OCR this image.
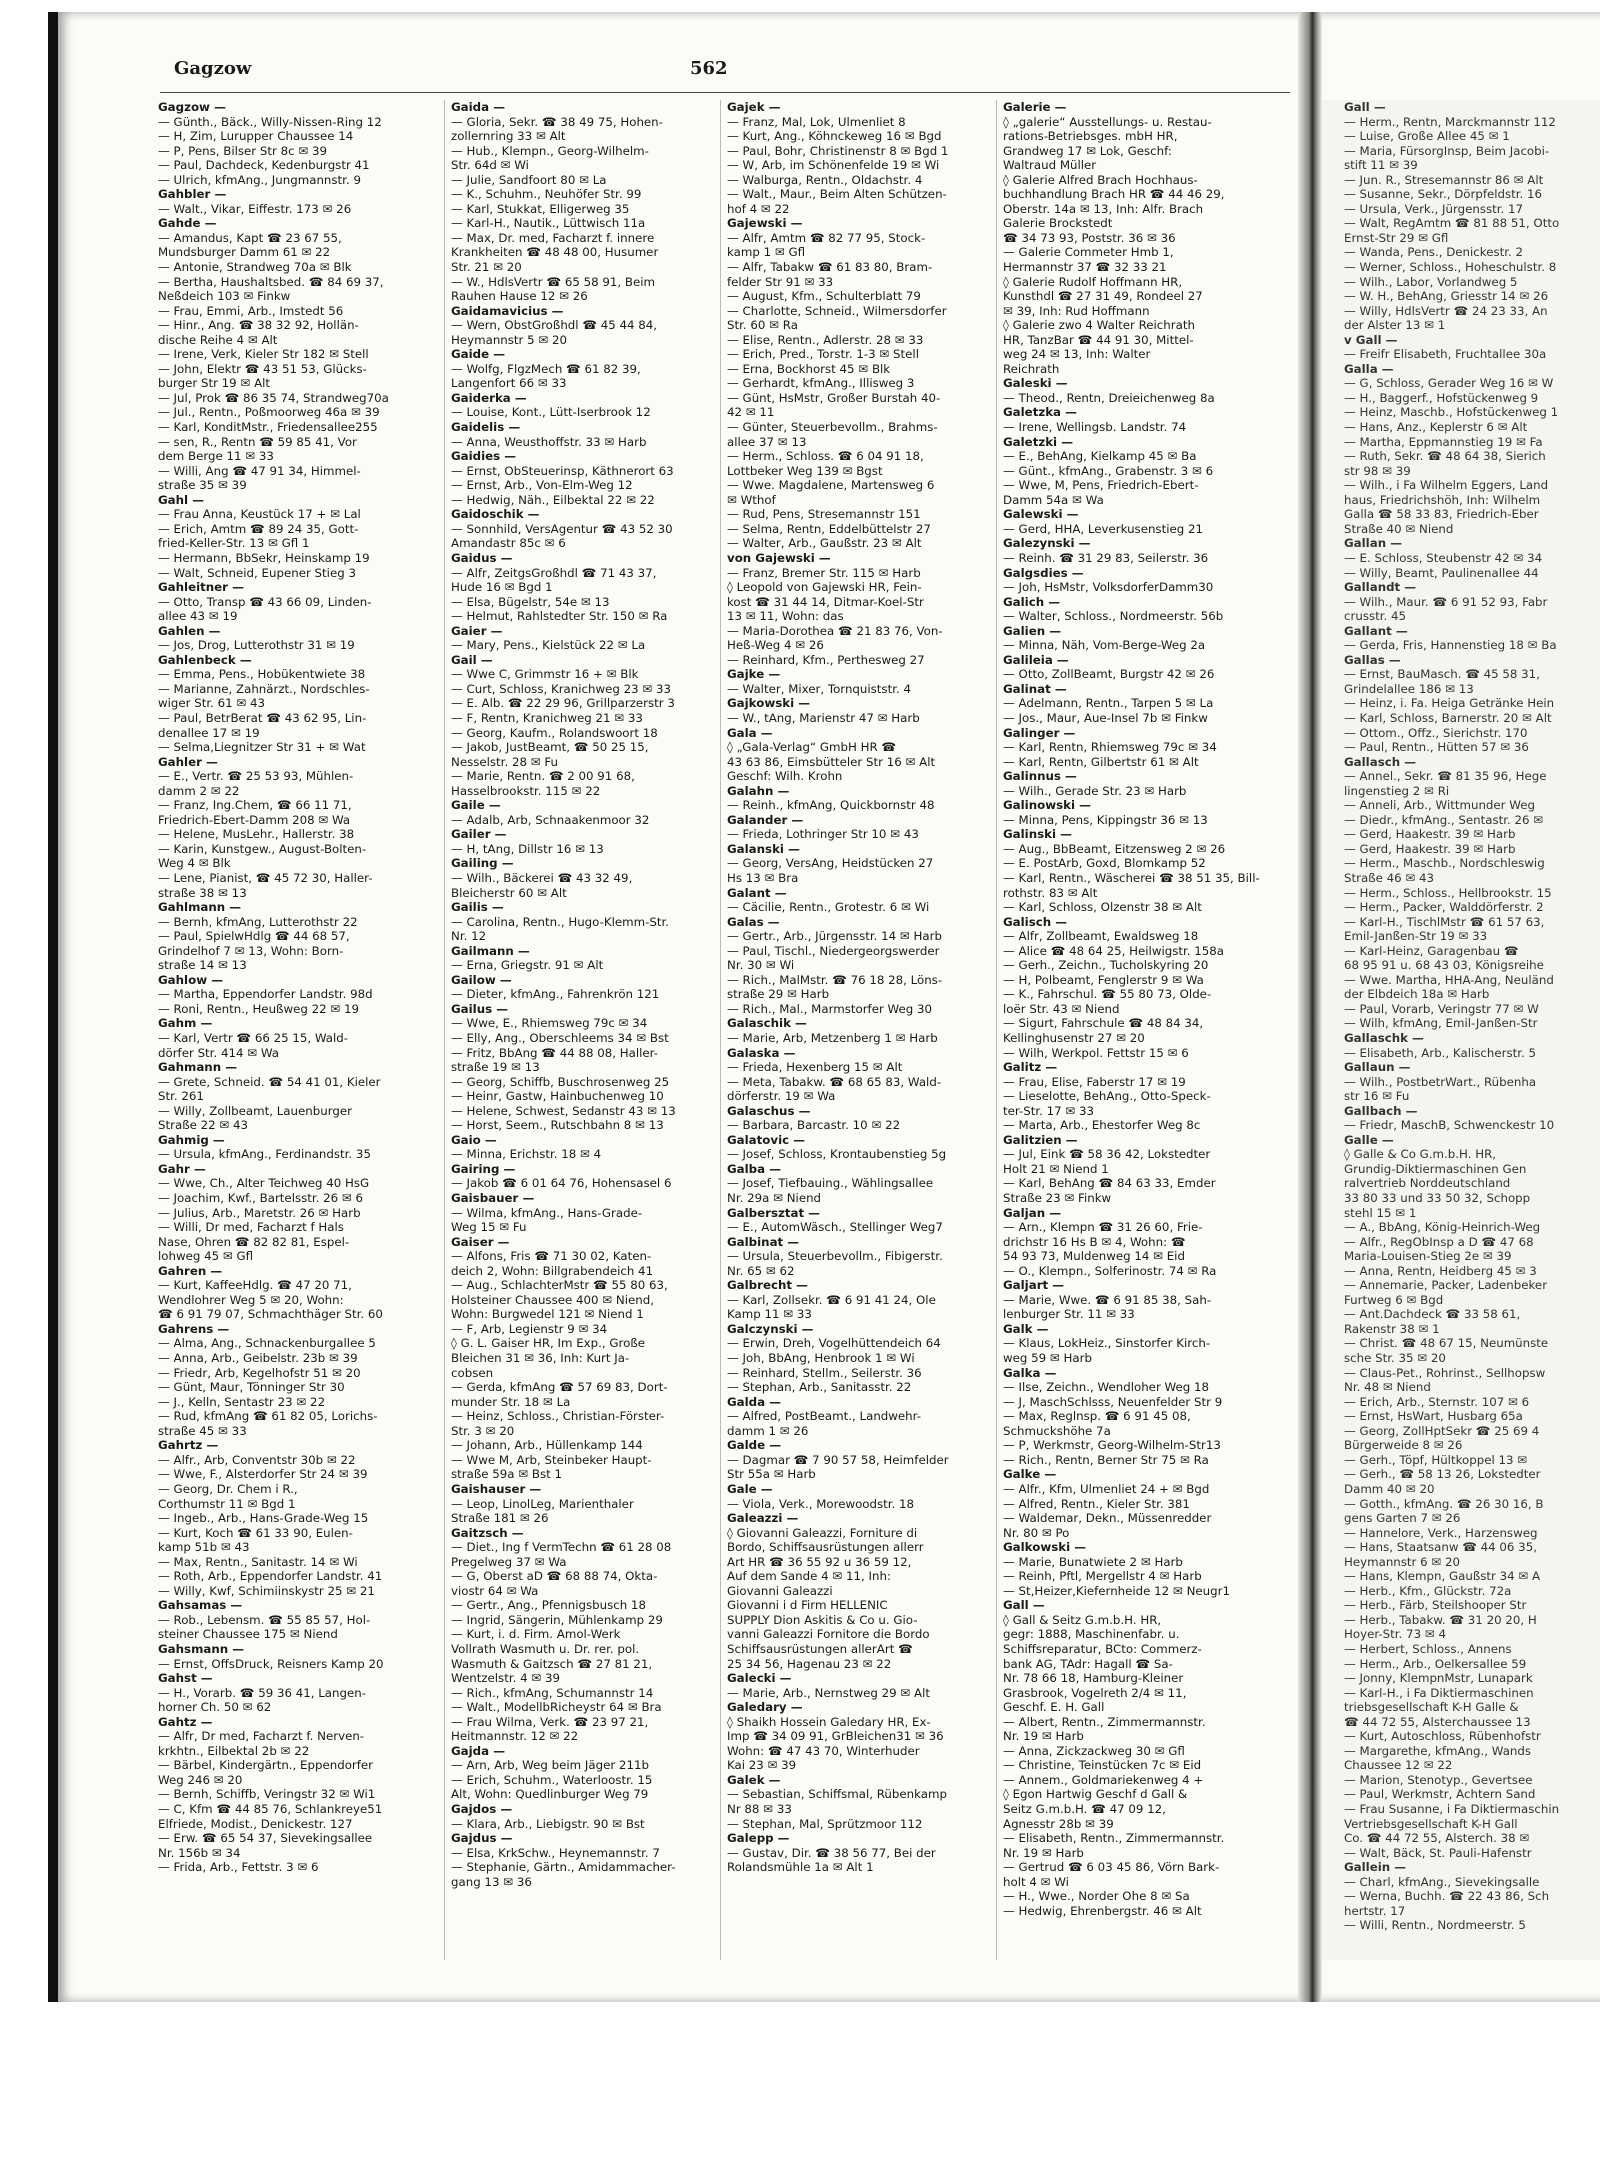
Gagzow	562
Gagzow —
— Günth., Bäck., Willy-Nissen-Ring 12
— H, Zim, Lurupper Chaussee 14
— P, Pens, Bilser Str 8c ✉ 39
— Paul, Dachdeck, Kedenburgstr 41
— Ulrich, kfmAng., Jungmannstr. 9
Gahbler —
— Walt., Vikar, Eiffestr. 173 ✉ 26
Gahde —
— Amandus, Kapt ☎ 23 67 55,
Mundsburger Damm 61 ✉ 22
— Antonie, Strandweg 70a ✉ Blk
— Bertha, Haushaltsbed. ☎ 84 69 37,
Neßdeich 103 ✉ Finkw
— Frau, Emmi, Arb., Imstedt 56
— Hinr., Ang. ☎ 38 32 92, Hollän-
dische Reihe 4 ✉ Alt
— Irene, Verk, Kieler Str 182 ✉ Stell
— John, Elektr ☎ 43 51 53, Glücks-
burger Str 19 ✉ Alt
— Jul, Prok ☎ 86 35 74, Strandweg70a
— Jul., Rentn., Poßmoorweg 46a ✉ 39
— Karl, KonditMstr., Friedensallee255
— sen, R., Rentn ☎ 59 85 41, Vor
dem Berge 11 ✉ 33
— Willi, Ang ☎ 47 91 34, Himmel-
straße 35 ✉ 39
Gahl —
— Frau Anna, Keustück 17 + ✉ Lal
— Erich, Amtm ☎ 89 24 35, Gott-
fried-Keller-Str. 13 ✉ Gfl 1
— Hermann, BbSekr, Heinskamp 19
— Walt, Schneid, Eupener Stieg 3
Gahleitner —
— Otto, Transp ☎ 43 66 09, Linden-
allee 43 ✉ 19
Gahlen —
— Jos, Drog, Lutterothstr 31 ✉ 19
Gahlenbeck —
— Emma, Pens., Hobükentwiete 38
— Marianne, Zahnärzt., Nordschles-
wiger Str. 61 ✉ 43
— Paul, BetrBerat ☎ 43 62 95, Lin-
denallee 17 ✉ 19
— Selma,Liegnitzer Str 31 + ✉ Wat
Gahler —
— E., Vertr. ☎ 25 53 93, Mühlen-
damm 2 ✉ 22
— Franz, Ing.Chem, ☎ 66 11 71,
Friedrich-Ebert-Damm 208 ✉ Wa
— Helene, MusLehr., Hallerstr. 38
— Karin, Kunstgew., August-Bolten-
Weg 4 ✉ Blk
— Lene, Pianist, ☎ 45 72 30, Haller-
straße 38 ✉ 13
Gahlmann —
— Bernh, kfmAng, Lutterothstr 22
— Paul, SpielwHdlg ☎ 44 68 57,
Grindelhof 7 ✉ 13, Wohn: Born-
straße 14 ✉ 13
Gahlow —
— Martha, Eppendorfer Landstr. 98d
— Roni, Rentn., Heußweg 22 ✉ 19
Gahm —
— Karl, Vertr ☎ 66 25 15, Wald-
dörfer Str. 414 ✉ Wa
Gahmann —
— Grete, Schneid. ☎ 54 41 01, Kieler
Str. 261
— Willy, Zollbeamt, Lauenburger
Straße 22 ✉ 43
Gahmig —
— Ursula, kfmAng., Ferdinandstr. 35
Gahr —
— Wwe, Ch., Alter Teichweg 40 HsG
— Joachim, Kwf., Bartelsstr. 26 ✉ 6
— Julius, Arb., Maretstr. 26 ✉ Harb
— Willi, Dr med, Facharzt f Hals
Nase, Ohren ☎ 82 82 81, Espel-
lohweg 45 ✉ Gfl
Gahren —
— Kurt, KaffeeHdlg. ☎ 47 20 71,
Wendlohrer Weg 5 ✉ 20, Wohn:
☎ 6 91 79 07, Schmachthäger Str. 60
Gahrens —
— Alma, Ang., Schnackenburgallee 5
— Anna, Arb., Geibelstr. 23b ✉ 39
— Friedr, Arb, Kegelhofstr 51 ✉ 20
— Günt, Maur, Tönninger Str 30
— J., Kelln, Sentastr 23 ✉ 22
— Rud, kfmAng ☎ 61 82 05, Lorichs-
straße 45 ✉ 33
Gahrtz —
— Alfr., Arb, Conventstr 30b ✉ 22
— Wwe, F., Alsterdorfer Str 24 ✉ 39
— Georg, Dr. Chem i R.,
Corthumstr 11 ✉ Bgd 1
— Ingeb., Arb., Hans-Grade-Weg 15
— Kurt, Koch ☎ 61 33 90, Eulen-
kamp 51b ✉ 43
— Max, Rentn., Sanitastr. 14 ✉ Wi
— Roth, Arb., Eppendorfer Landstr. 41
— Willy, Kwf, Schimiinskystr 25 ✉ 21
Gahsamas —
— Rob., Lebensm. ☎ 55 85 57, Hol-
steiner Chaussee 175 ✉ Niend
Gahsmann —
— Ernst, OffsDruck, Reisners Kamp 20
Gahst —
— H., Vorarb. ☎ 59 36 41, Langen-
horner Ch. 50 ✉ 62
Gahtz —
— Alfr, Dr med, Facharzt f. Nerven-
krkhtn., Eilbektal 2b ✉ 22
— Bärbel, Kindergärtn., Eppendorfer
Weg 246 ✉ 20
— Bernh, Schiffb, Veringstr 32 ✉ Wi1
— C, Kfm ☎ 44 85 76, Schlankreye51
Elfriede, Modist., Denickestr. 127
— Erw. ☎ 65 54 37, Sievekingsallee
Nr. 156b ✉ 34
— Frida, Arb., Fettstr. 3 ✉ 6
Gaida —
— Gloria, Sekr. ☎ 38 49 75, Hohen-
zollernring 33 ✉ Alt
— Hub., Klempn., Georg-Wilhelm-
Str. 64d ✉ Wi
— Julie, Sandfoort 80 ✉ La
— K., Schuhm., Neuhöfer Str. 99
— Karl, Stukkat, Elligerweg 35
— Karl-H., Nautik., Lüttwisch 11a
— Max, Dr. med, Facharzt f. innere
Krankheiten ☎ 48 48 00, Husumer
Str. 21 ✉ 20
— W., HdlsVertr ☎ 65 58 91, Beim
Rauhen Hause 12 ✉ 26
Gaidamavicius —
— Wern, ObstGroßhdl ☎ 45 44 84,
Heymannstr 5 ✉ 20
Gaide —
— Wolfg, FlgzMech ☎ 61 82 39,
Langenfort 66 ✉ 33
Gaiderka —
— Louise, Kont., Lütt-Iserbrook 12
Gaidelis —
— Anna, Weusthoffstr. 33 ✉ Harb
Gaidies —
— Ernst, ObSteuerinsp, Käthnerort 63
— Ernst, Arb., Von-Elm-Weg 12
— Hedwig, Näh., Eilbektal 22 ✉ 22
Gaidoschik —
— Sonnhild, VersAgentur ☎ 43 52 30
Amandastr 85c ✉ 6
Gaidus —
— Alfr, ZeitgsGroßhdl ☎ 71 43 37,
Hude 16 ✉ Bgd 1
— Elsa, Bügelstr, 54e ✉ 13
— Helmut, Rahlstedter Str. 150 ✉ Ra
Gaier —
— Mary, Pens., Kielstück 22 ✉ La
Gail —
— Wwe C, Grimmstr 16 + ✉ Blk
— Curt, Schloss, Kranichweg 23 ✉ 33
— E. Alb. ☎ 22 29 96, Grillparzerstr 3
— F, Rentn, Kranichweg 21 ✉ 33
— Georg, Kaufm., Rolandswoort 18
— Jakob, JustBeamt, ☎ 50 25 15,
Nesselstr. 28 ✉ Fu
— Marie, Rentn. ☎ 2 00 91 68,
Hasselbrookstr. 115 ✉ 22
Gaile —
— Adalb, Arb, Schnaakenmoor 32
Gailer —
— H, tAng, Dillstr 16 ✉ 13
Gailing —
— Wilh., Bäckerei ☎ 43 32 49,
Bleicherstr 60 ✉ Alt
Gailis —
— Carolina, Rentn., Hugo-Klemm-Str.
Nr. 12
Gailmann —
— Erna, Griegstr. 91 ✉ Alt
Gailow —
— Dieter, kfmAng., Fahrenkrön 121
Gailus —
— Wwe, E., Rhiemsweg 79c ✉ 34
— Elly, Ang., Oberschleems 34 ✉ Bst
— Fritz, BbAng ☎ 44 88 08, Haller-
straße 19 ✉ 13
— Georg, Schiffb, Buschrosenweg 25
— Heinr, Gastw, Hainbuchenweg 10
— Helene, Schwest, Sedanstr 43 ✉ 13
— Horst, Seem., Rutschbahn 8 ✉ 13
Gaio —
— Minna, Erichstr. 18 ✉ 4
Gairing —
— Jakob ☎ 6 01 64 76, Hohensasel 6
Gaisbauer —
— Wilma, kfmAng., Hans-Grade-
Weg 15 ✉ Fu
Gaiser —
— Alfons, Fris ☎ 71 30 02, Katen-
deich 2, Wohn: Billgrabendeich 41
— Aug., SchlachterMstr ☎ 55 80 63,
Holsteiner Chaussee 400 ✉ Niend,
Wohn: Burgwedel 121 ✉ Niend 1
— F, Arb, Legienstr 9 ✉ 34
◊ G. L. Gaiser HR, Im Exp., Große
Bleichen 31 ✉ 36, Inh: Kurt Ja-
cobsen
— Gerda, kfmAng ☎ 57 69 83, Dort-
munder Str. 18 ✉ La
— Heinz, Schloss., Christian-Förster-
Str. 3 ✉ 20
— Johann, Arb., Hüllenkamp 144
— Wwe M, Arb, Steinbeker Haupt-
straße 59a ✉ Bst 1
Gaishauser —
— Leop, LinolLeg, Marienthaler
Straße 181 ✉ 26
Gaitzsch —
— Diet., Ing f VermTechn ☎ 61 28 08
Pregelweg 37 ✉ Wa
— G, Oberst aD ☎ 68 88 74, Okta-
viostr 64 ✉ Wa
— Gertr., Ang., Pfennigsbusch 18
— Ingrid, Sängerin, Mühlenkamp 29
— Kurt, i. d. Firm. Amol-Werk
Vollrath Wasmuth u. Dr. rer. pol.
Wasmuth & Gaitzsch ☎ 27 81 21,
Wentzelstr. 4 ✉ 39
— Rich., kfmAng, Schumannstr 14
— Walt., ModellbRicheystr 64 ✉ Bra
— Frau Wilma, Verk. ☎ 23 97 21,
Heitmannstr. 12 ✉ 22
Gajda —
— Arn, Arb, Weg beim Jäger 211b
— Erich, Schuhm., Waterloostr. 15
Alt, Wohn: Quedlinburger Weg 79
Gajdos —
— Klara, Arb., Liebigstr. 90 ✉ Bst
Gajdus —
— Elsa, KrkSchw., Heynemannstr. 7
— Stephanie, Gärtn., Amidammacher-
gang 13 ✉ 36
Gajek —
— Franz, Mal, Lok, Ulmenliet 8
— Kurt, Ang., Köhnckeweg 16 ✉ Bgd
— Paul, Bohr, Christinenstr 8 ✉ Bgd 1
— W, Arb, im Schönenfelde 19 ✉ Wi
— Walburga, Rentn., Oldachstr. 4
— Walt., Maur., Beim Alten Schützen-
hof 4 ✉ 22
Gajewski —
— Alfr, Amtm ☎ 82 77 95, Stock-
kamp 1 ✉ Gfl
— Alfr, Tabakw ☎ 61 83 80, Bram-
felder Str 91 ✉ 33
— August, Kfm., Schulterblatt 79
— Charlotte, Schneid., Wilmersdorfer
Str. 60 ✉ Ra
— Elise, Rentn., Adlerstr. 28 ✉ 33
— Erich, Pred., Torstr. 1-3 ✉ Stell
— Erna, Bockhorst 45 ✉ Blk
— Gerhardt, kfmAng., Illisweg 3
— Günt, HsMstr, Großer Burstah 40-
42 ✉ 11
— Günter, Steuerbevollm., Brahms-
allee 37 ✉ 13
— Herm., Schloss. ☎ 6 04 91 18,
Lottbeker Weg 139 ✉ Bgst
— Wwe. Magdalene, Martensweg 6
✉ Wthof
— Rud, Pens, Stresemannstr 151
— Selma, Rentn, Eddelbüttelstr 27
— Walter, Arb., Gaußstr. 23 ✉ Alt
von Gajewski —
— Franz, Bremer Str. 115 ✉ Harb
◊ Leopold von Gajewski HR, Fein-
kost ☎ 31 44 14, Ditmar-Koel-Str
13 ✉ 11, Wohn: das
— Maria-Dorothea ☎ 21 83 76, Von-
Heß-Weg 4 ✉ 26
— Reinhard, Kfm., Perthesweg 27
Gajke —
— Walter, Mixer, Tornquiststr. 4
Gajkowski —
— W., tAng, Marienstr 47 ✉ Harb
Gala —
◊ „Gala-Verlag“ GmbH HR ☎
43 63 86, Eimsbütteler Str 16 ✉ Alt
Geschf: Wilh. Krohn
Galahn —
— Reinh., kfmAng, Quickbornstr 48
Galander —
— Frieda, Lothringer Str 10 ✉ 43
Galanski —
— Georg, VersAng, Heidstücken 27
Hs 13 ✉ Bra
Galant —
— Cäcilie, Rentn., Grotestr. 6 ✉ Wi
Galas —
— Gertr., Arb., Jürgensstr. 14 ✉ Harb
— Paul, Tischl., Niedergeorgswerder
Nr. 30 ✉ Wi
— Rich., MalMstr. ☎ 76 18 28, Löns-
straße 29 ✉ Harb
— Rich., Mal., Marmstorfer Weg 30
Galaschik —
— Marie, Arb, Metzenberg 1 ✉ Harb
Galaska —
— Frieda, Hexenberg 15 ✉ Alt
— Meta, Tabakw. ☎ 68 65 83, Wald-
dörferstr. 19 ✉ Wa
Galaschus —
— Barbara, Barcastr. 10 ✉ 22
Galatovic —
— Josef, Schloss, Krontaubenstieg 5g
Galba —
— Josef, Tiefbauing., Wählingsallee
Nr. 29a ✉ Niend
Galbersztat —
— E., AutomWäsch., Stellinger Weg7
Galbinat —
— Ursula, Steuerbevollm., Fibigerstr.
Nr. 65 ✉ 62
Galbrecht —
— Karl, Zollsekr. ☎ 6 91 41 24, Ole
Kamp 11 ✉ 33
Galczynski —
— Erwin, Dreh, Vogelhüttendeich 64
— Joh, BbAng, Henbrook 1 ✉ Wi
— Reinhard, Stellm., Seilerstr. 36
— Stephan, Arb., Sanitasstr. 22
Galda —
— Alfred, PostBeamt., Landwehr-
damm 1 ✉ 26
Galde —
— Dagmar ☎ 7 90 57 58, Heimfelder
Str 55a ✉ Harb
Gale —
— Viola, Verk., Morewoodstr. 18
Galeazzi —
◊ Giovanni Galeazzi, Forniture di
Bordo, Schiffsausrüstungen allerr
Art HR ☎ 36 55 92 u 36 59 12,
Auf dem Sande 4 ✉ 11, Inh:
Giovanni Galeazzi
Giovanni i d Firm HELLENIC
SUPPLY Dion Askitis & Co u. Gio-
vanni Galeazzi Fornitore die Bordo
Schiffsausrüstungen allerArt ☎
25 34 56, Hagenau 23 ✉ 22
Galecki —
— Marie, Arb., Nernstweg 29 ✉ Alt
Galedary —
◊ Shaikh Hossein Galedary HR, Ex-
Imp ☎ 34 09 91, GrBleichen31 ✉ 36
Wohn: ☎ 47 43 70, Winterhuder
Kai 23 ✉ 39
Galek —
— Sebastian, Schiffsmal, Rübenkamp
Nr 88 ✉ 33
— Stephan, Mal, Sprützmoor 112
Galepp —
— Gustav, Dir. ☎ 38 56 77, Bei der
Rolandsmühle 1a ✉ Alt 1
Galerie —
◊ „galerie“ Ausstellungs- u. Restau-
rations-Betriebsges. mbH HR,
Grandweg 17 ✉ Lok, Geschf:
Waltraud Müller
◊ Galerie Alfred Brach Hochhaus-
buchhandlung Brach HR ☎ 44 46 29,
Oberstr. 14a ✉ 13, Inh: Alfr. Brach
Galerie Brockstedt
☎ 34 73 93, Poststr. 36 ✉ 36
— Galerie Commeter Hmb 1,
Hermannstr 37 ☎ 32 33 21
◊ Galerie Rudolf Hoffmann HR,
Kunsthdl ☎ 27 31 49, Rondeel 27
✉ 39, Inh: Rud Hoffmann
◊ Galerie zwo 4 Walter Reichrath
HR, TanzBar ☎ 44 91 30, Mittel-
weg 24 ✉ 13, Inh: Walter
Reichrath
Galeski —
— Theod., Rentn, Dreieichenweg 8a
Galetzka —
— Irene, Wellingsb. Landstr. 74
Galetzki —
— E., BehAng, Kielkamp 45 ✉ Ba
— Günt., kfmAng., Grabenstr. 3 ✉ 6
— Wwe, M, Pens, Friedrich-Ebert-
Damm 54a ✉ Wa
Galewski —
— Gerd, HHA, Leverkusenstieg 21
Galezynski —
— Reinh. ☎ 31 29 83, Seilerstr. 36
Galgsdies —
— Joh, HsMstr, VolksdorferDamm30
Galich —
— Walter, Schloss., Nordmeerstr. 56b
Galien —
— Minna, Näh, Vom-Berge-Weg 2a
Galileia —
— Otto, ZollBeamt, Burgstr 42 ✉ 26
Galinat —
— Adelmann, Rentn., Tarpen 5 ✉ La
— Jos., Maur, Aue-Insel 7b ✉ Finkw
Galinger —
— Karl, Rentn, Rhiemsweg 79c ✉ 34
— Karl, Rentn, Gilbertstr 61 ✉ Alt
Galinnus —
— Wilh., Gerade Str. 23 ✉ Harb
Galinowski —
— Minna, Pens, Kippingstr 36 ✉ 13
Galinski —
— Aug., BbBeamt, Eitzensweg 2 ✉ 26
— E. PostArb, Goxd, Blomkamp 52
— Karl, Rentn., Wäscherei ☎ 38 51 35, Bill-
rothstr. 83 ✉ Alt
— Karl, Schloss, Olzenstr 38 ✉ Alt
Galisch —
— Alfr, Zollbeamt, Ewaldsweg 18
— Alice ☎ 48 64 25, Heilwigstr. 158a
— Gerh., Zeichn., Tucholskyring 20
— H, Polbeamt, Fenglerstr 9 ✉ Wa
— K., Fahrschul. ☎ 55 80 73, Olde-
loër Str. 43 ✉ Niend
— Sigurt, Fahrschule ☎ 48 84 34,
Kellinghusenstr 27 ✉ 20
— Wilh, Werkpol. Fettstr 15 ✉ 6
Galitz —
— Frau, Elise, Faberstr 17 ✉ 19
— Lieselotte, BehAng., Otto-Speck-
ter-Str. 17 ✉ 33
— Marta, Arb., Ehestorfer Weg 8c
Galitzien —
— Jul, Eink ☎ 58 36 42, Lokstedter
Holt 21 ✉ Niend 1
— Karl, BehAng ☎ 84 63 33, Emder
Straße 23 ✉ Finkw
Galjan —
— Arn., Klempn ☎ 31 26 60, Frie-
drichstr 16 Hs B ✉ 4, Wohn: ☎
54 93 73, Muldenweg 14 ✉ Eid
— O., Klempn., Solferinostr. 74 ✉ Ra
Galjart —
— Marie, Wwe. ☎ 6 91 85 38, Sah-
lenburger Str. 11 ✉ 33
Galk —
— Klaus, LokHeiz., Sinstorfer Kirch-
weg 59 ✉ Harb
Galka —
— Ilse, Zeichn., Wendloher Weg 18
— J, MaschSchlsss, Neuenfelder Str 9
— Max, Reglnsp. ☎ 6 91 45 08,
Schmuckshöhe 7a
— P, Werkmstr, Georg-Wilhelm-Str13
— Rich., Rentn, Berner Str 75 ✉ Ra
Galke —
— Alfr., Kfm, Ulmenliet 24 + ✉ Bgd
— Alfred, Rentn., Kieler Str. 381
— Waldemar, Dekn., Müssenredder
Nr. 80 ✉ Po
Galkowski —
— Marie, Bunatwiete 2 ✉ Harb
— Reinh, Pftl, Mergellstr 4 ✉ Harb
— St,Heizer,Kiefernheide 12 ✉ Neugr1
Gall —
◊ Gall & Seitz G.m.b.H. HR,
gegr: 1888, Maschinenfabr. u.
Schiffsreparatur, BCto: Commerz-
bank AG, TAdr: Hagall ☎ Sa-
Nr. 78 66 18, Hamburg-Kleiner
Grasbrook, Vogelreth 2/4 ✉ 11,
Geschf. E. H. Gall
— Albert, Rentn., Zimmermannstr.
Nr. 19 ✉ Harb
— Anna, Zickzackweg 30 ✉ Gfl
— Christine, Teinstücken 7c ✉ Eid
— Annem., Goldmariekenweg 4 +
◊ Egon Hartwig Geschf d Gall &
Seitz G.m.b.H. ☎ 47 09 12,
Agnesstr 28b ✉ 39
— Elisabeth, Rentn., Zimmermannstr.
Nr. 19 ✉ Harb
— Gertrud ☎ 6 03 45 86, Vörn Bark-
holt 4 ✉ Wi
— H., Wwe., Norder Ohe 8 ✉ Sa
— Hedwig, Ehrenbergstr. 46 ✉ Alt
Gall —
— Herm., Rentn, Marckmannstr 112
— Luise, Große Allee 45 ✉ 1
— Maria, FürsorgInsp, Beim Jacobi-
stift 11 ✉ 39
— Jun. R., Stresemannstr 86 ✉ Alt
— Susanne, Sekr., Dörpfeldstr. 16
— Ursula, Verk., Jürgensstr. 17
— Walt, RegAmtm ☎ 81 88 51, Otto
Ernst-Str 29 ✉ Gfl
— Wanda, Pens., Denickestr. 2
— Werner, Schloss., Hoheschulstr. 8
— Wilh., Labor, Vorlandweg 5
— W. H., BehAng, Griesstr 14 ✉ 26
— Willy, HdlsVertr ☎ 24 23 33, An
der Alster 13 ✉ 1
v Gall —
— Freifr Elisabeth, Fruchtallee 30a
Galla —
— G, Schloss, Gerader Weg 16 ✉ W
— H., Baggerf., Hofstückenweg 9
— Heinz, Maschb., Hofstückenweg 1
— Hans, Anz., Keplerstr 6 ✉ Alt
— Martha, Eppmannstieg 19 ✉ Fa
— Ruth, Sekr. ☎ 48 64 38, Sierich
str 98 ✉ 39
— Wilh., i Fa Wilhelm Eggers, Land
haus, Friedrichshöh, Inh: Wilhelm
Galla ☎ 58 33 83, Friedrich-Eber
Straße 40 ✉ Niend
Gallan —
— E. Schloss, Steubenstr 42 ✉ 34
— Willy, Beamt, Paulinenallee 44
Gallandt —
— Wilh., Maur. ☎ 6 91 52 93, Fabr
crusstr. 45
Gallant —
— Gerda, Fris, Hannenstieg 18 ✉ Ba
Gallas —
— Ernst, BauMasch. ☎ 45 58 31,
Grindelallee 186 ✉ 13
— Heinz, i. Fa. Heiga Getränke Hein
— Karl, Schloss, Barnerstr. 20 ✉ Alt
— Ottom., Offz., Sierichstr. 170
— Paul, Rentn., Hütten 57 ✉ 36
Gallasch —
— Annel., Sekr. ☎ 81 35 96, Hege
lingenstieg 2 ✉ Ri
— Anneli, Arb., Wittmunder Weg
— Diedr., kfmAng., Sentastr. 26 ✉
— Gerd, Haakestr. 39 ✉ Harb
— Gerd, Haakestr. 39 ✉ Harb
— Herm., Maschb., Nordschleswig
Straße 46 ✉ 43
— Herm., Schloss., Hellbrookstr. 15
— Herm., Packer, Walddörferstr. 2
— Karl-H., TischlMstr ☎ 61 57 63,
Emil-Janßen-Str 19 ✉ 33
— Karl-Heinz, Garagenbau ☎
68 95 91 u. 68 43 03, Königsreihe
— Wwe. Martha, HHA-Ang, Neuländ
der Elbdeich 18a ✉ Harb
— Paul, Vorarb, Veringstr 77 ✉ W
— Wilh, kfmAng, Emil-Janßen-Str
Gallaschk —
— Elisabeth, Arb., Kalischerstr. 5
Gallaun —
— Wilh., PostbetrWart., Rübenha
str 16 ✉ Fu
Gallbach —
— Friedr, MaschB, Schwenckestr 10
Galle —
◊ Galle & Co G.m.b.H. HR,
Grundig-Diktiermaschinen Gen
ralvertrieb Norddeutschland
33 80 33 und 33 50 32, Schopp
stehl 15 ✉ 1
— A., BbAng, König-Heinrich-Weg
— Alfr., RegObInsp a D ☎ 47 68
Maria-Louisen-Stieg 2e ✉ 39
— Anna, Rentn, Heidberg 45 ✉ 3
— Annemarie, Packer, Ladenbeker
Furtweg 6 ✉ Bgd
— Ant.Dachdeck ☎ 33 58 61,
Rakenstr 38 ✉ 1
— Christ. ☎ 48 67 15, Neumünste
sche Str. 35 ✉ 20
— Claus-Pet., Rohrinst., Sellhopsw
Nr. 48 ✉ Niend
— Erich, Arb., Sternstr. 107 ✉ 6
— Ernst, HsWart, Husbarg 65a
— Georg, ZollHptSekr ☎ 25 69 4
Bürgerweide 8 ✉ 26
— Gerh., Töpf, Hültkoppel 13 ✉
— Gerh., ☎ 58 13 26, Lokstedter
Damm 40 ✉ 20
— Gotth., kfmAng. ☎ 26 30 16, B
gens Garten 7 ✉ 26
— Hannelore, Verk., Harzensweg
— Hans, Staatsanw ☎ 44 06 35,
Heymannstr 6 ✉ 20
— Hans, Klempn, Gaußstr 34 ✉ A
— Herb., Kfm., Glückstr. 72a
— Herb., Färb, Steilshooper Str
— Herb., Tabakw. ☎ 31 20 20, H
Hoyer-Str. 73 ✉ 4
— Herbert, Schloss., Annens
— Herm., Arb., Oelkersallee 59
— Jonny, KlempnMstr, Lunapark
— Karl-H., i Fa Diktiermaschinen
triebsgesellschaft K-H Galle &
☎ 44 72 55, Alsterchaussee 13
— Kurt, Autoschloss, Rübenhofstr
— Margarethe, kfmAng., Wands
Chaussee 12 ✉ 22
— Marion, Stenotyp., Gevertsee
— Paul, Werkmstr, Achtern Sand
— Frau Susanne, i Fa Diktiermaschin
Vertriebsgesellschaft K-H Gall
Co. ☎ 44 72 55, Alsterch. 38 ✉
— Walt, Bäck, St. Pauli-Hafenstr
Gallein —
— Charl, kfmAng., Sievekingsalle
— Werna, Buchh. ☎ 22 43 86, Sch
hertstr. 17
— Willi, Rentn., Nordmeerstr. 5
